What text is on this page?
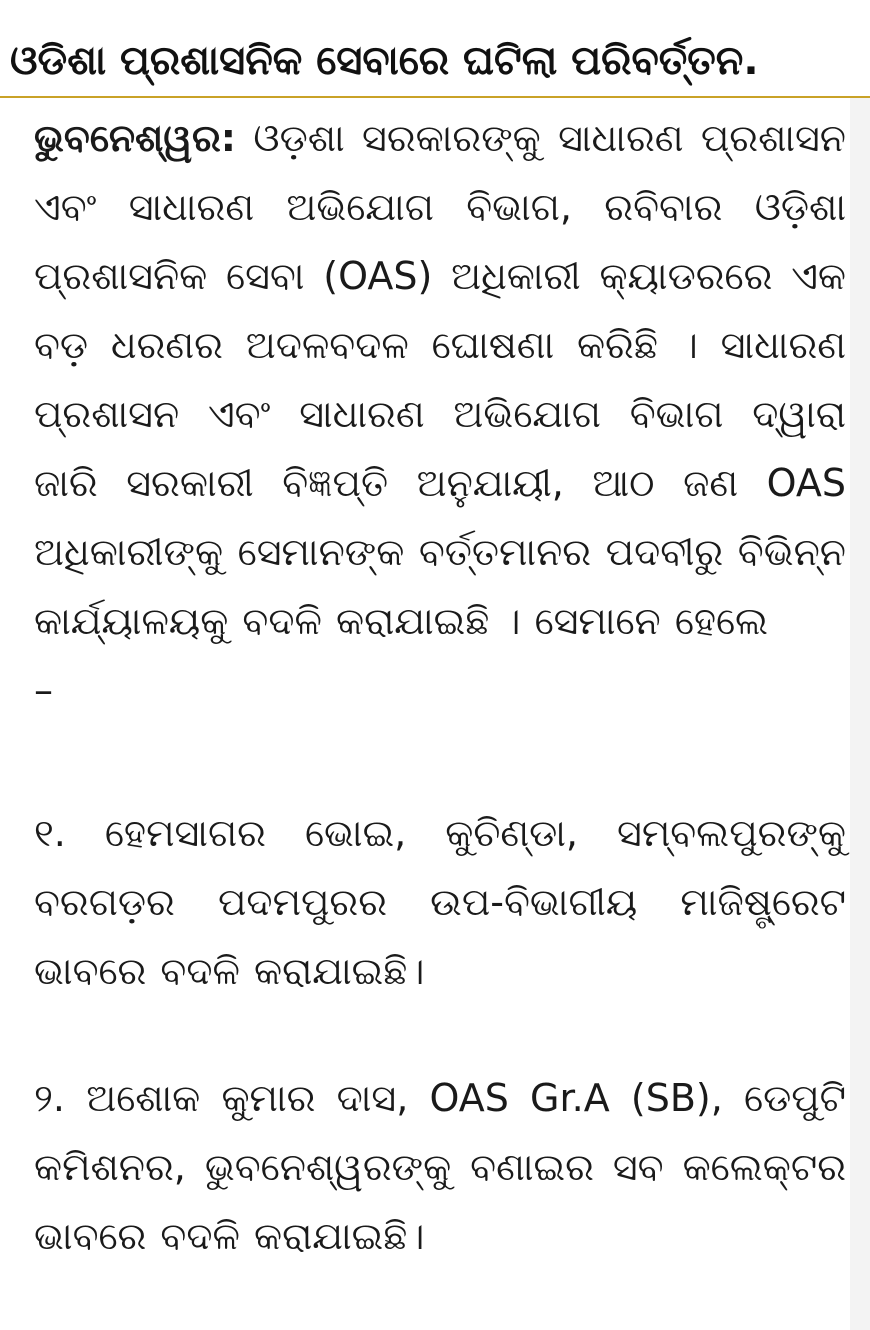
ଓଡିଶା ପ୍ରଶାସନିକ ସେବାରେ ଘଟିଲା ପରିବର୍ତ୍ତନ.

ଭୁବନେଶ୍ୱର: ଓଡ଼ଶା ସରକାରଙ୍କୁ ସାଧାରଣ ପ୍ରଶାସନ ଏବଂ ସାଧାରଣ ଅଭିଯୋଗ ବିଭାଗ, ରବିବାର ଓଡ଼ିଶା ପ୍ରଶାସନିକ ସେବା (OAS) ଅଧିକାରୀ କ୍ୟାଡରରେ ଏକ ବଡ଼ ଧରଣର ଅଦଳବଦଳ ଘୋଷଣା କରିଛି । ସାଧାରଣ ପ୍ରଶାସନ ଏବଂ ସାଧାରଣ ଅଭିଯୋଗ ବିଭାଗ ଦ୍ୱାରା ଜାରି ସରକାରୀ ବିଜ୍ଞପ୍ତି ଅନୁଯାୟୀ, ଆଠ ଜଣ OAS ଅଧିକାରୀଙ୍କୁ ସେମାନଙ୍କ ବର୍ତ୍ତମାନର ପଦବୀରୁ ବିଭିନ୍ନ କାର୍ଯ୍ୟାଳୟକୁ ବଦଳି କରାଯାଇଛି । ସେମାନେ ହେଲେ
–

୧. ହେମସାଗର ଭୋଇ, କୁଚିଣ୍ଡା, ସମ୍ବଲପୁରଙ୍କୁ ବରଗଡ଼ର ପଦମପୁରର ଉପ-ବିଭାଗୀୟ ମାଜିଷ୍ଟ୍ରେଟ ଭାବରେ ବଦଳି କରାଯାଇଛି।

୨. ଅଶୋକ କୁମାର ଦାସ, OAS Gr.A (SB), ଡେପୁଟି କମିଶନର, ଭୁବନେଶ୍ୱରଙ୍କୁ ବଣାଇର ସବ କଲେକ୍ଟର ଭାବରେ ବଦଳି କରାଯାଇଛି।
